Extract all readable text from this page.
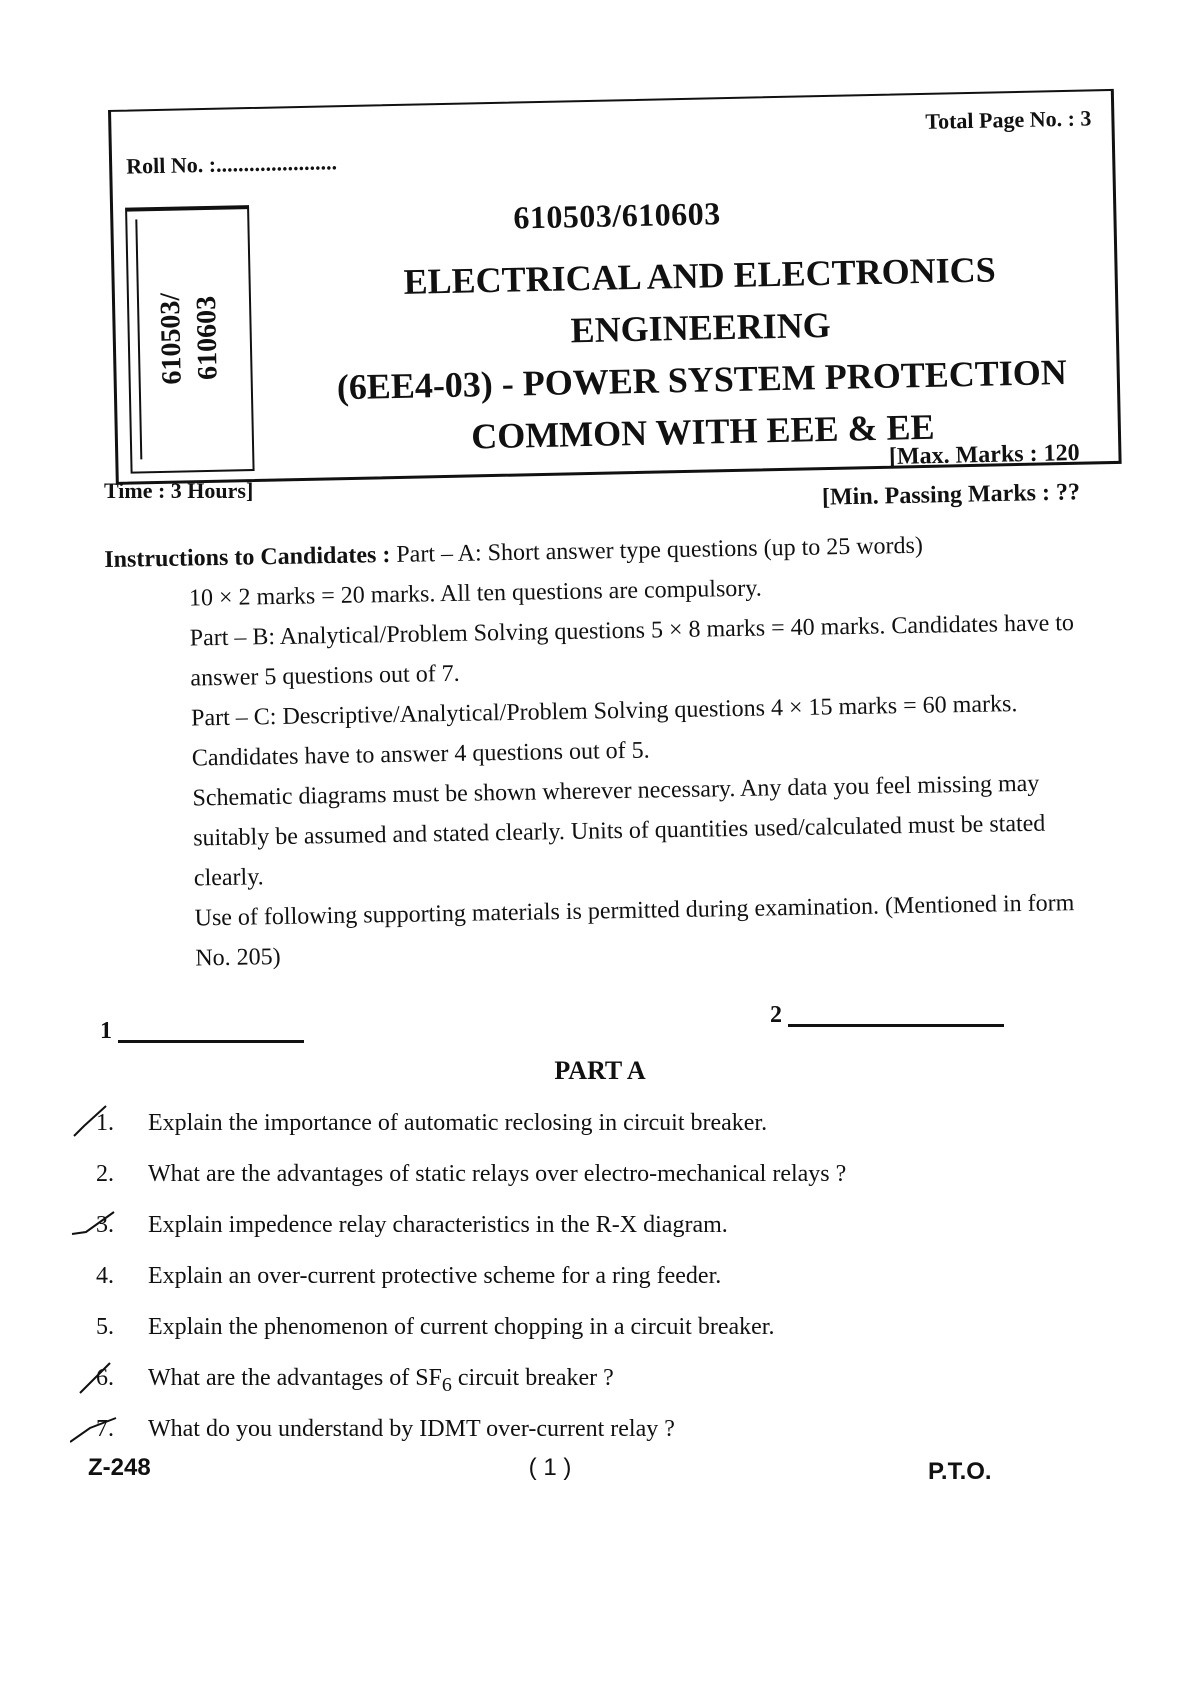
Roll No. :......................
Total Page No. : 3
610503/ 610603
610503/610603
ELECTRICAL AND ELECTRONICS
ENGINEERING
(6EE4-03) - POWER SYSTEM PROTECTION
COMMON WITH EEE & EE
Time : 3 Hours]
[Max. Marks : 120
[Min. Passing Marks : ??
Instructions to Candidates : Part – A: Short answer type questions (up to 25 words)
10 × 2 marks = 20 marks. All ten questions are compulsory.
Part – B: Analytical/Problem Solving questions 5 × 8 marks = 40 marks. Candidates have to answer 5 questions out of 7.
Part – C: Descriptive/Analytical/Problem Solving questions 4 × 15 marks = 60 marks. Candidates have to answer 4 questions out of 5.
Schematic diagrams must be shown wherever necessary. Any data you feel missing may suitably be assumed and stated clearly. Units of quantities used/calculated must be stated clearly.
Use of following supporting materials is permitted during examination. (Mentioned in form No. 205)
1
2
PART A
1.	Explain the importance of automatic reclosing in circuit breaker.
2.	What are the advantages of static relays over electro-mechanical relays ?
3.	Explain impedence relay characteristics in the R-X diagram.
4.	Explain an over-current protective scheme for a ring feeder.
5.	Explain the phenomenon of current chopping in a circuit breaker.
6.	What are the advantages of $SF_6$ circuit breaker ?
7.	What do you understand by IDMT over-current relay ?
Z-248	( 1 )	P.T.O.
